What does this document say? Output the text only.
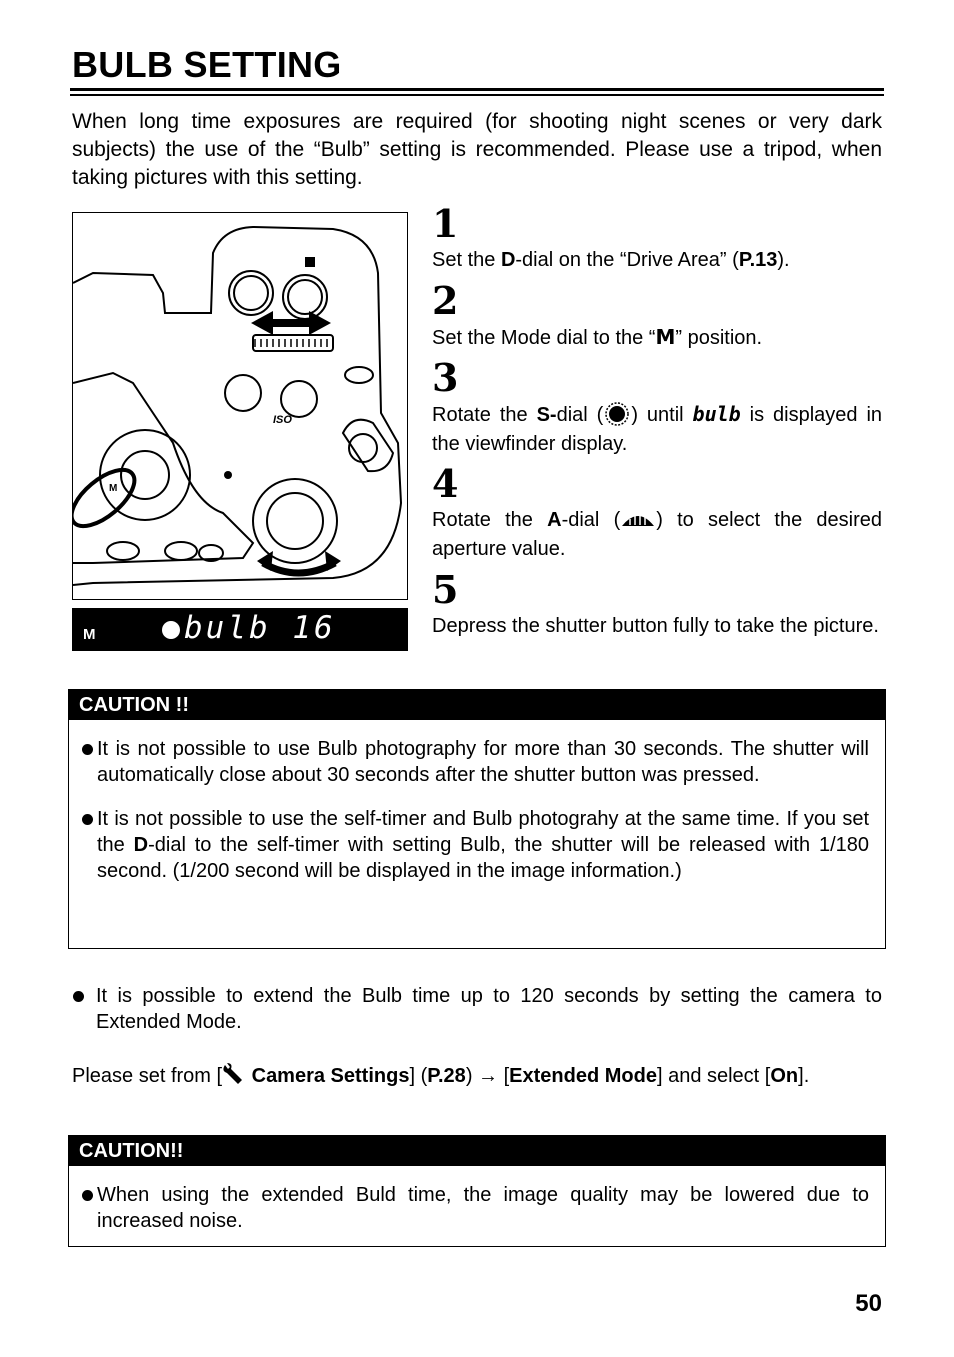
BULB SETTING
When long time exposures are required (for shooting night scenes or very dark subjects) the use of the “Bulb” setting is recommended. Please use a tripod, when taking pictures with this setting.
ISO
M
M	bulb 16
1
Set the D-dial on the “Drive Area” (P.13).
2
Set the Mode dial to the “M” position.
3
Rotate the S-dial ( ) until bulb is displayed in the viewfinder display.
4
Rotate the A-dial ( ) to select the desired aperture value.
5
Depress the shutter button fully to take the picture.
CAUTION !!
It is not possible to use Bulb photography for more than 30 seconds. The shutter will automatically close about 30 seconds after the shutter button was pressed.
It is not possible to use the self-timer and Bulb photograhy at the same time. If you set the D-dial to the self-timer with setting Bulb, the shutter will be released with 1/180 second. (1/200 second will be displayed in the image information.)
It is possible to extend the Bulb time up to 120 seconds by setting the camera to Extended Mode.
Please set from [
Camera Settings] (P.28) → [Extended Mode] and select [On].
CAUTION!!
When using the extended Buld time, the image quality may be lowered due to increased noise.
50
